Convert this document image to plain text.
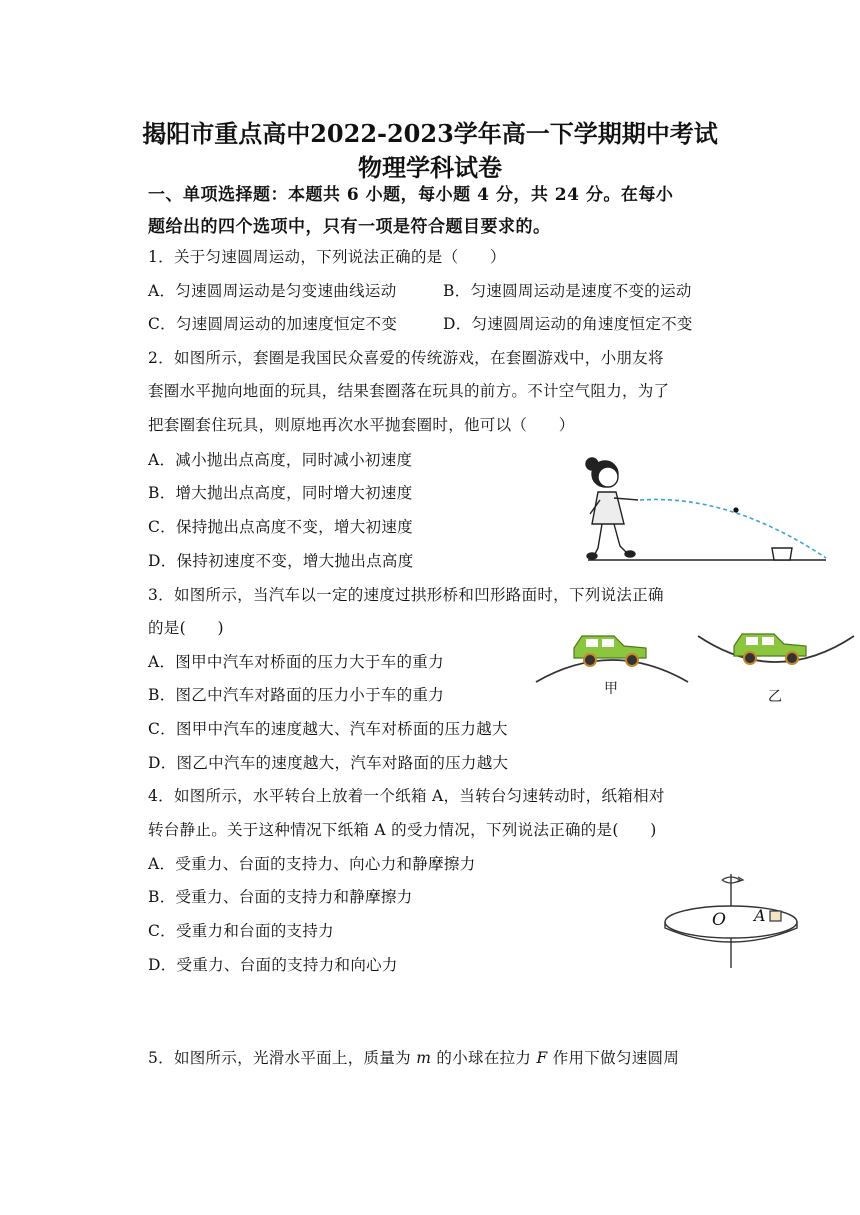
揭阳市重点高中2022-2023学年高一下学期期中考试
物理学科试卷
一、单项选择题：本题共 6 小题，每小题 4 分，共 24 分。在每小
题给出的四个选项中，只有一项是符合题目要求的。
1．关于匀速圆周运动，下列说法正确的是（　　）
A．匀速圆周运动是匀变速曲线运动	B．匀速圆周运动是速度不变的运动
C．匀速圆周运动的加速度恒定不变	D．匀速圆周运动的角速度恒定不变
2．如图所示，套圈是我国民众喜爱的传统游戏，在套圈游戏中，小朋友将
套圈水平抛向地面的玩具，结果套圈落在玩具的前方。不计空气阻力，为了
把套圈套住玩具，则原地再次水平抛套圈时，他可以（　　）
A．减小抛出点高度，同时减小初速度
B．增大抛出点高度，同时增大初速度
C．保持抛出点高度不变，增大初速度
D．保持初速度不变，增大抛出点高度
3．如图所示，当汽车以一定的速度过拱形桥和凹形路面时，下列说法正确
的是(　　)
A．图甲中汽车对桥面的压力大于车的重力
B．图乙中汽车对路面的压力小于车的重力
C．图甲中汽车的速度越大、汽车对桥面的压力越大
D．图乙中汽车的速度越大，汽车对路面的压力越大
甲	乙
4．如图所示，水平转台上放着一个纸箱 A，当转台匀速转动时，纸箱相对
转台静止。关于这种情况下纸箱 A 的受力情况，下列说法正确的是(　　)
A．受重力、台面的支持力、向心力和静摩擦力
B．受重力、台面的支持力和静摩擦力
C．受重力和台面的支持力
D．受重力、台面的支持力和向心力
O A
5．如图所示，光滑水平面上，质量为 m 的小球在拉力 F 作用下做匀速圆周
